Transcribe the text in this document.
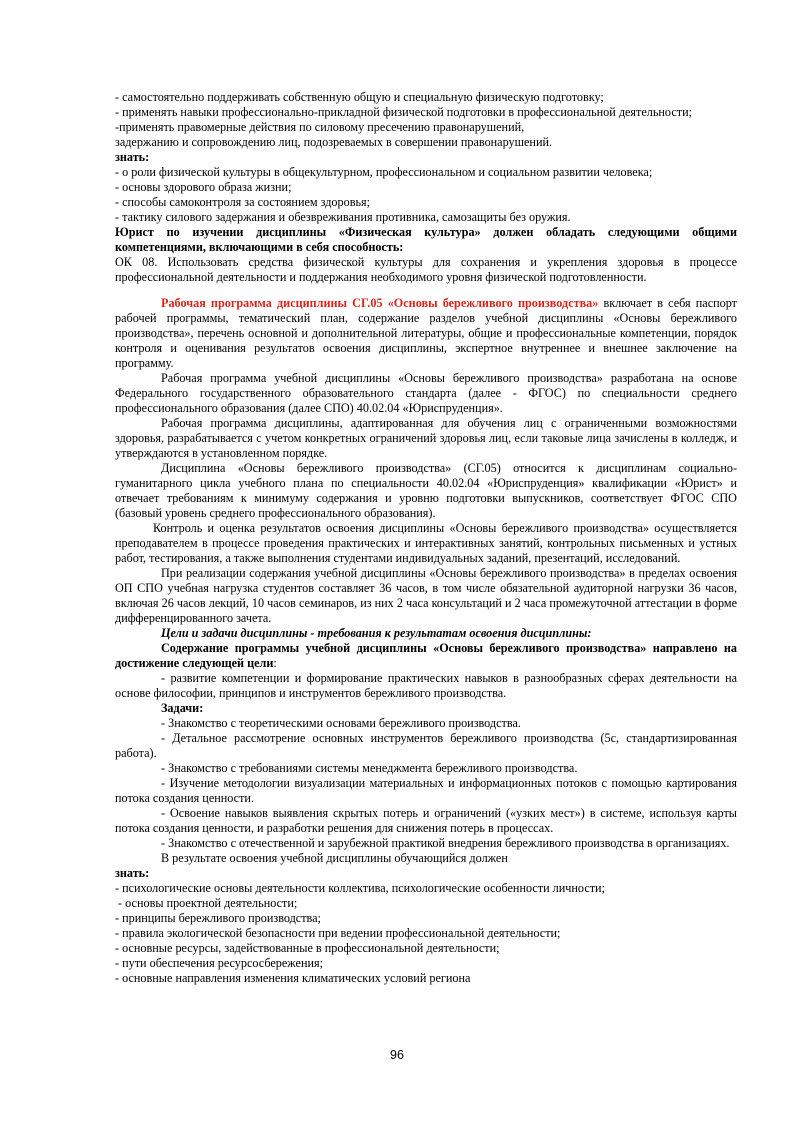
- самостоятельно поддерживать собственную общую и специальную физическую подготовку;

- применять навыки профессионально-прикладной физической подготовки в профессиональной деятельности;

-применять правомерные действия по силовому пресечению правонарушений,

задержанию и сопровождению лиц, подозреваемых в совершении правонарушений.

знать:

- о роли физической культуры в общекультурном, профессиональном и социальном развитии человека;

- основы здорового образа жизни;

- способы самоконтроля за состоянием здоровья;

- тактику силового задержания и обезвреживания противника, самозащиты без оружия.

Юрист по изучении дисциплины «Физическая культура» должен обладать следующими общими компетенциями, включающими в себя способность:

ОК 08. Использовать средства физической культуры для сохранения и укрепления здоровья в процессе профессиональной деятельности и поддержания необходимого уровня физической подготовленности.

Рабочая программа дисциплины СГ.05 «Основы бережливого производства» включает в себя паспорт рабочей программы, тематический план, содержание разделов учебной дисциплины «Основы бережливого производства», перечень основной и дополнительной литературы, общие и профессиональные компетенции, порядок контроля и оценивания результатов освоения дисциплины, экспертное внутреннее и внешнее заключение на программу.

Рабочая программа учебной дисциплины «Основы бережливого производства» разработана на основе Федерального государственного образовательного стандарта (далее - ФГОС) по специальности среднего профессионального образования (далее СПО) 40.02.04 «Юриспруденция».

Рабочая программа дисциплины, адаптированная для обучения лиц с ограниченными возможностями здоровья, разрабатывается с учетом конкретных ограничений здоровья лиц, если таковые лица зачислены в колледж, и утверждаются в установленном порядке.

Дисциплина «Основы бережливого производства» (СГ.05) относится к дисциплинам социально-гуманитарного цикла учебного плана по специальности 40.02.04 «Юриспруденция» квалификации «Юрист» и отвечает требованиям к минимуму содержания и уровню подготовки выпускников, соответствует ФГОС СПО (базовый уровень среднего профессионального образования).

Контроль и оценка результатов освоения дисциплины «Основы бережливого производства» осуществляется преподавателем в процессе проведения практических и интерактивных занятий, контрольных письменных и устных работ, тестирования, а также выполнения студентами индивидуальных заданий, презентаций, исследований.

При реализации содержания учебной дисциплины «Основы бережливого производства» в пределах освоения ОП СПО учебная нагрузка студентов составляет 36 часов, в том числе обязательной аудиторной нагрузки 36 часов, включая 26 часов лекций, 10 часов семинаров, из них 2 часа консультаций и 2 часа промежуточной аттестации в форме дифференцированного зачета.

Цели и задачи дисциплины - требования к результатам освоения дисциплины:

Содержание программы учебной дисциплины «Основы бережливого производства» направлено на достижение следующей цели:

- развитие компетенции и формирование практических навыков в разнообразных сферах деятельности на основе философии, принципов и инструментов бережливого производства.

Задачи:

- Знакомство с теоретическими основами бережливого производства.

- Детальное рассмотрение основных инструментов бережливого производства (5с, стандартизированная работа).

- Знакомство с требованиями системы менеджмента бережливого производства.

- Изучение методологии визуализации материальных и информационных потоков с помощью картирования потока создания ценности.

- Освоение навыков выявления скрытых потерь и ограничений («узких мест») в системе, используя карты потока создания ценности, и разработки решения для снижения потерь в процессах.

- Знакомство с отечественной и зарубежной практикой внедрения бережливого производства в организациях.

В результате освоения учебной дисциплины обучающийся должен

знать:

- психологические основы деятельности коллектива, психологические особенности личности;

- основы проектной деятельности;

- принципы бережливого производства;

- правила экологической безопасности при ведении профессиональной деятельности;

- основные ресурсы, задействованные в профессиональной деятельности;

- пути обеспечения ресурсосбережения;

- основные направления изменения климатических условий региона

96
